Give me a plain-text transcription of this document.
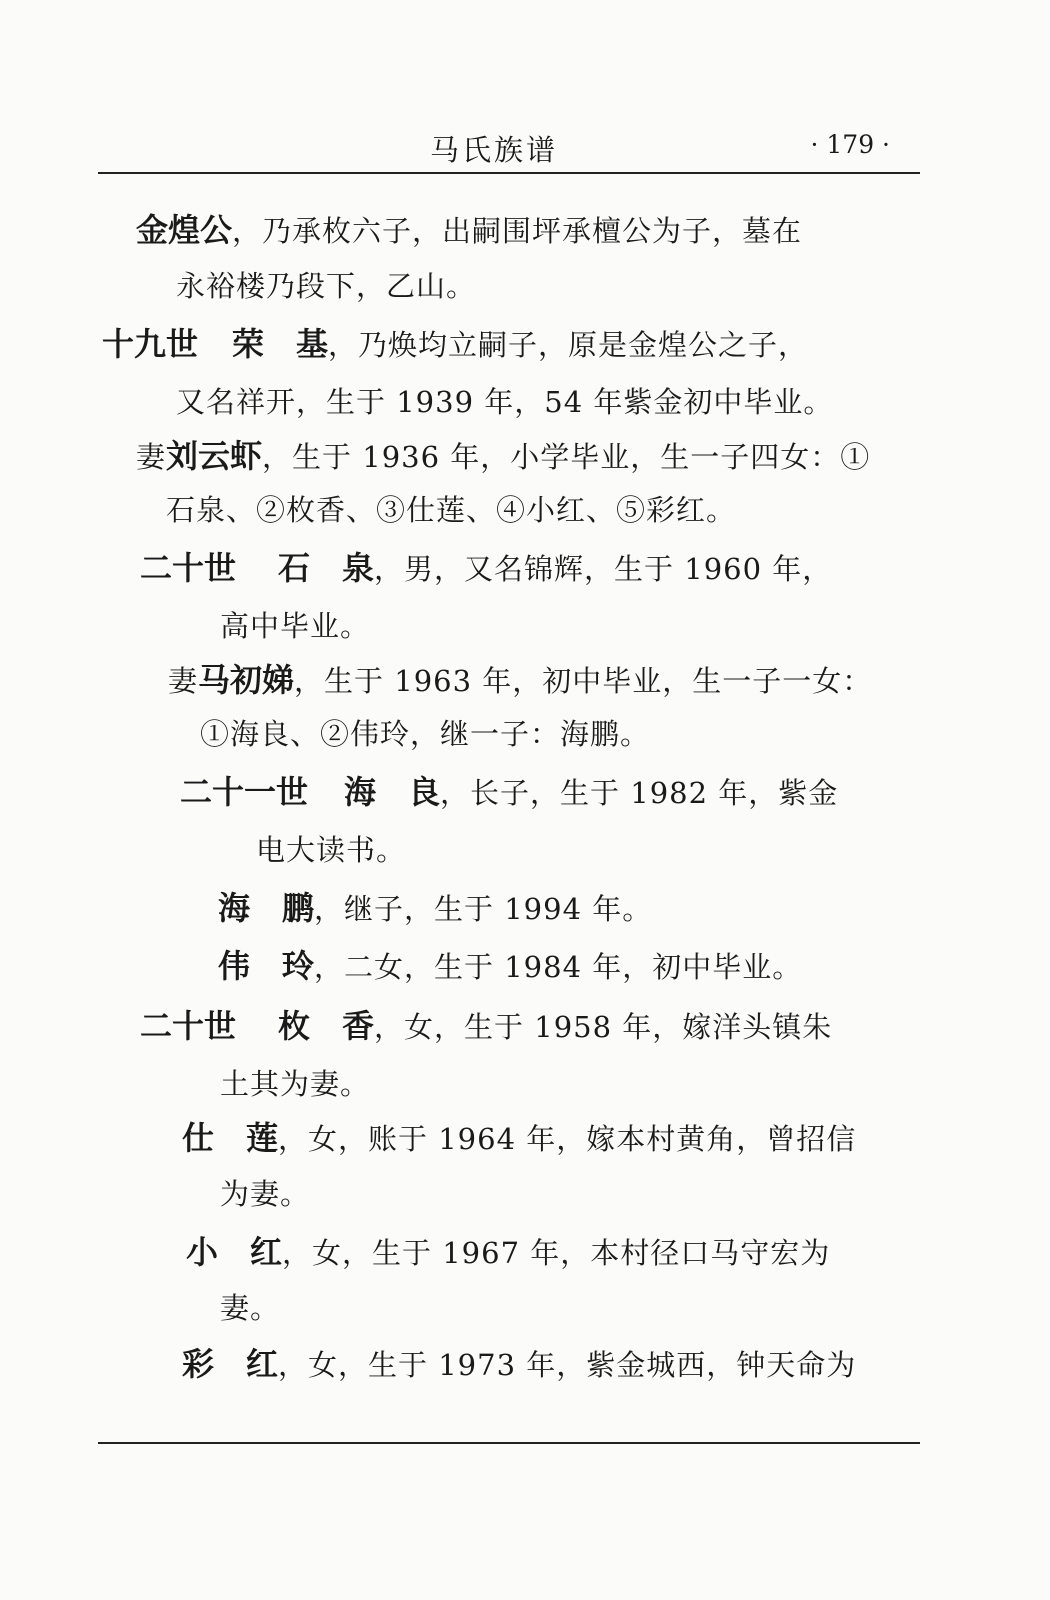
马氏族谱	· 179 ·
金煌公，乃承枚六子，出嗣围坪承檀公为子，墓在
永裕楼乃段下，乙山。
十九世 荣　基，乃焕均立嗣子，原是金煌公之子，
又名祥开，生于 1939 年，54 年紫金初中毕业。
妻刘云虾，生于 1936 年，小学毕业，生一子四女：①
石泉、②枚香、③仕莲、④小红、⑤彩红。
二十世 石　泉，男，又名锦辉，生于 1960 年，
高中毕业。
妻马初娣，生于 1963 年，初中毕业，生一子一女：
①海良、②伟玲，继一子：海鹏。
二十一世 海　良，长子，生于 1982 年，紫金
电大读书。
海　鹏，继子，生于 1994 年。
伟　玲，二女，生于 1984 年，初中毕业。
二十世 枚　香，女，生于 1958 年，嫁洋头镇朱
土其为妻。
仕　莲，女，账于 1964 年，嫁本村黄角，曾招信
为妻。
小　红，女，生于 1967 年，本村径口马守宏为
妻。
彩　红，女，生于 1973 年，紫金城西，钟天命为
